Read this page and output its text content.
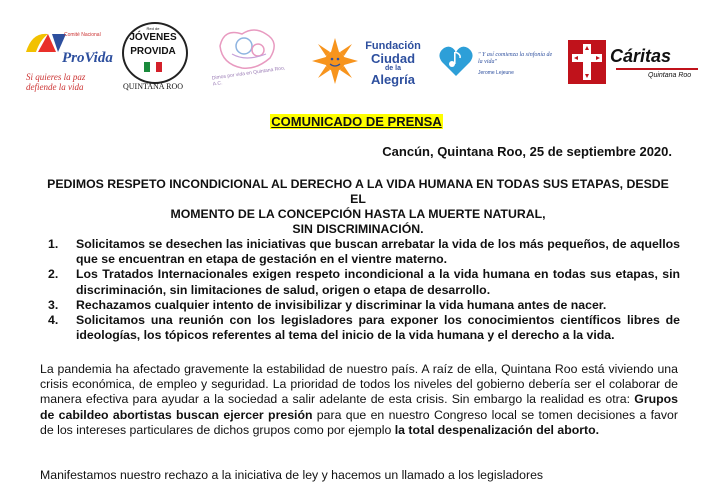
Comité Nacional
ProVida
Si quieres la paz
defiende la vida
Red de
JÓVENES
PROVIDA
QUINTANA ROO
Dimos por vida en Quintana Roo, A.C.
Fundación
Ciudad
de la
Alegría
" Y así comienza la sinfonía de la vida"
Jerome Lejeune
Cáritas
Quintana Roo
COMUNICADO DE PRENSA
Cancún, Quintana Roo, 25 de septiembre 2020.
PEDIMOS RESPETO INCONDICIONAL AL DERECHO A LA VIDA HUMANA EN TODAS SUS ETAPAS, DESDE EL
MOMENTO DE LA CONCEPCIÓN HASTA LA MUERTE NATURAL,
SIN DISCRIMINACIÓN.
1. Solicitamos se desechen las iniciativas que buscan arrebatar la vida de los más pequeños, de aquellos que se encuentran en etapa de gestación en el vientre materno.
2. Los Tratados Internacionales exigen respeto incondicional a la vida humana en todas sus etapas, sin discriminación, sin limitaciones de salud, origen o etapa de desarrollo.
3. Rechazamos cualquier intento de invisibilizar y discriminar la vida humana antes de nacer.
4. Solicitamos una reunión con los legisladores para exponer los conocimientos científicos libres de ideologías, los tópicos referentes al tema del inicio de la vida humana y el derecho a la vida.

La pandemia ha afectado gravemente la estabilidad de nuestro país. A raíz de ella, Quintana Roo está viviendo una crisis económica, de empleo y seguridad. La prioridad de todos los niveles del gobierno debería ser el colaborar de manera efectiva para ayudar a la sociedad a salir adelante de esta crisis. Sin embargo la realidad es otra: Grupos de cabildeo abortistas buscan ejercer presión para que en nuestro Congreso local se tomen decisiones a favor de los intereses particulares de dichos grupos como por ejemplo la total despenalización del aborto.

Manifestamos nuestro rechazo a la iniciativa de ley y hacemos un llamado a los legisladores
